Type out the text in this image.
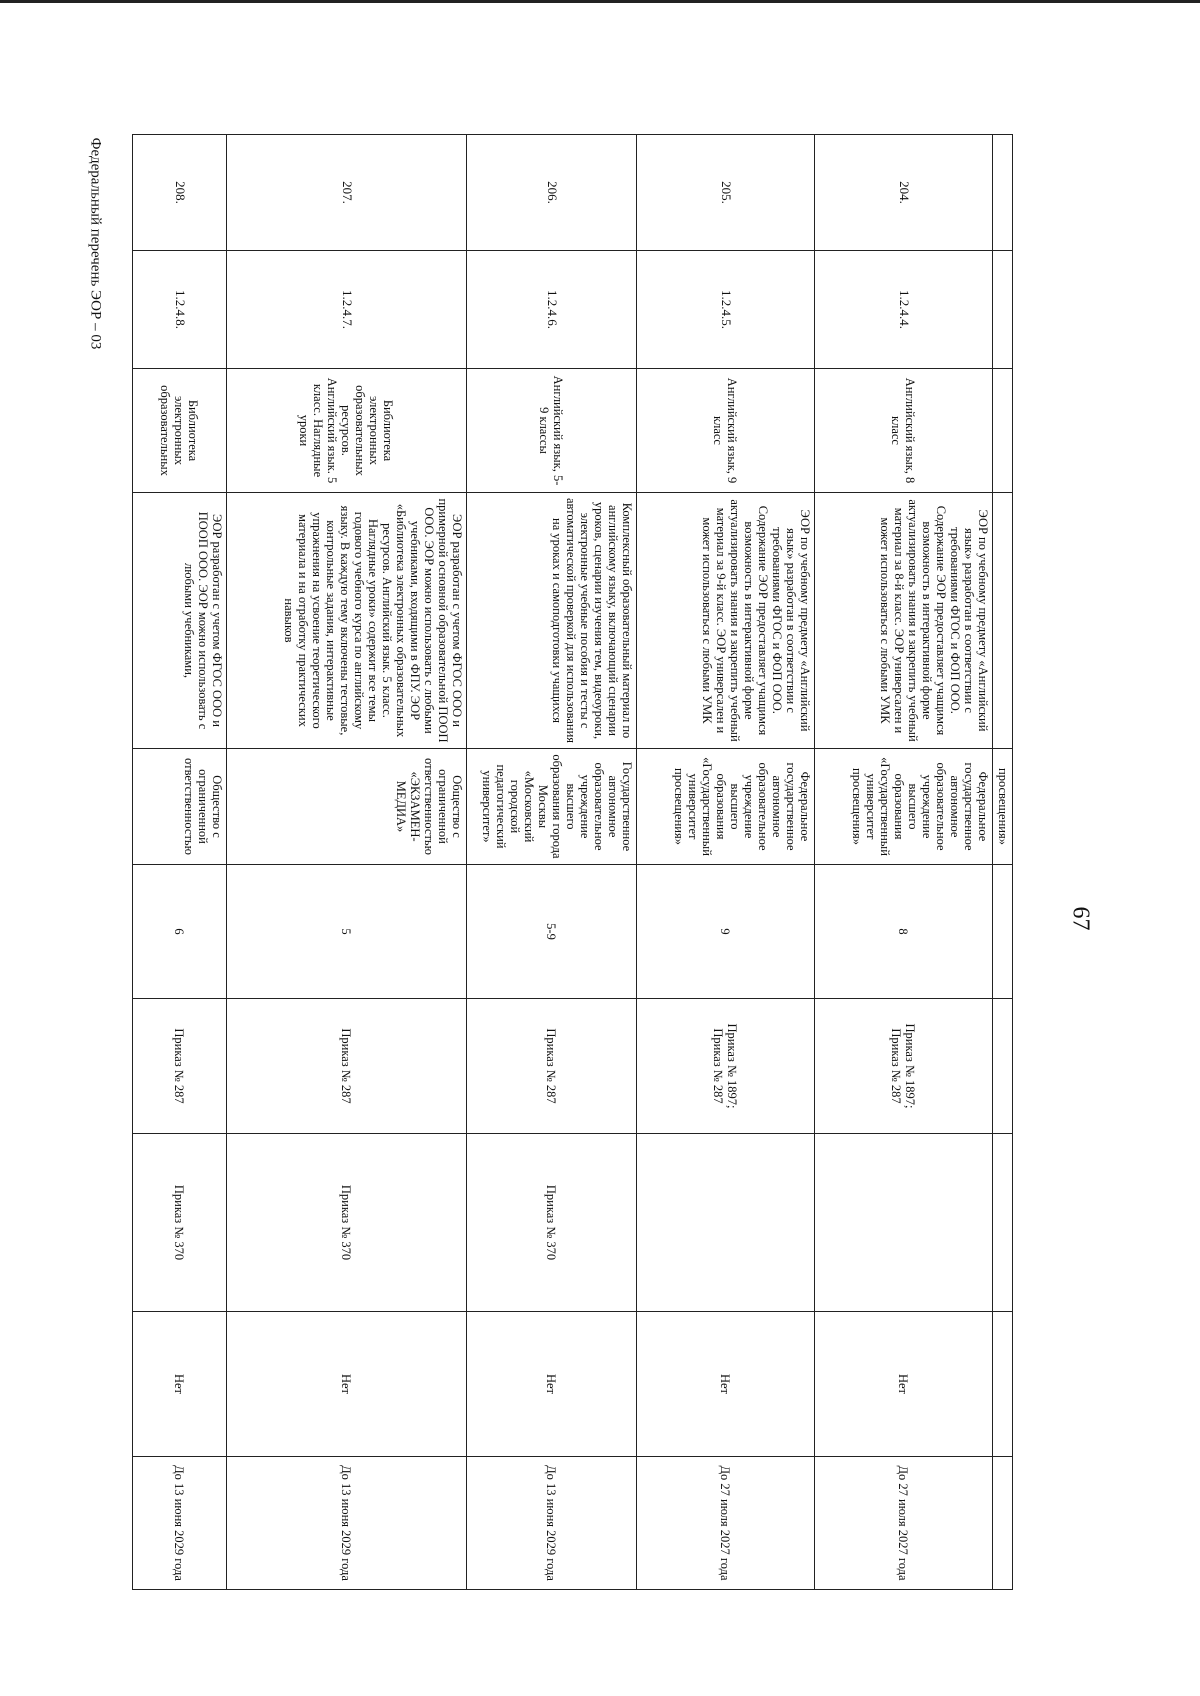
67
Федеральный перечень ЭОР – 03
				просвещения»					
204.	1.2.4.4.	Английский язык, 8 класс	ЭОР по учебному предмету «Английский язык» разработан в соответствии с требованиями ФГОС и ФОП ООО. Содержание ЭОР предоставляет учащимся возможность в интерактивной форме актуализировать знания и закрепить учебный материал за 8-й класс. ЭОР универсален и может использоваться с любыми УМК	Федеральное государственное автономное образовательное учреждение высшего образования «Государственный университет просвещения»	8	Приказ № 1897; Приказ № 287		Нет	До 27 июля 2027 года
205.	1.2.4.5.	Английский язык, 9 класс	ЭОР по учебному предмету «Английский язык» разработан в соответствии с требованиями ФГОС и ФОП ООО. Содержание ЭОР предоставляет учащимся возможность в интерактивной форме актуализировать знания и закрепить учебный материал за 9-й класс. ЭОР универсален и может использоваться с любыми УМК	Федеральное государственное автономное образовательное учреждение высшего образования «Государственный университет просвещения»	9	Приказ № 1897; Приказ № 287		Нет	До 27 июля 2027 года
206.	1.2.4.6.	Английский язык, 5-9 классы	Комплексный образовательный материал по английскому языку, включающий сценарии уроков, сценарии изучения тем, видеоуроки, электронные учебные пособия и тесты с автоматической проверкой для использования на уроках и самоподготовки учащихся	Государственное автономное образовательное учреждение высшего образования города Москвы «Московский городской педагогический университет»	5-9	Приказ № 287	Приказ № 370	Нет	До 13 июня 2029 года
207.	1.2.4.7.	Библиотека электронных образовательных ресурсов. Английский язык. 5 класс. Наглядные уроки	ЭОР разработан с учетом ФГОС ООО и примерной основной образовательной ПООП ООО. ЭОР можно использовать с любыми учебниками, входящими в ФПУ. ЭОР «Библиотека электронных образовательных ресурсов. Английский язык. 5 класс. Наглядные уроки» содержит все темы годового учебного курса по английскому языку. В каждую тему включены тестовые, контрольные задания, интерактивные упражнения на усвоение теоретического материала и на отработку практических навыков	Общество с ограниченной ответственностью «ЭКЗАМЕН-МЕДИА»	5	Приказ № 287	Приказ № 370	Нет	До 13 июня 2029 года
208.	1.2.4.8.	Библиотека электронных образовательных	ЭОР разработан с учетом ФГОС ООО и ПООП ООО. ЭОР можно использовать с любыми учебниками,	Общество с ограниченной ответственностью	6	Приказ № 287	Приказ № 370	Нет	До 13 июня 2029 года
